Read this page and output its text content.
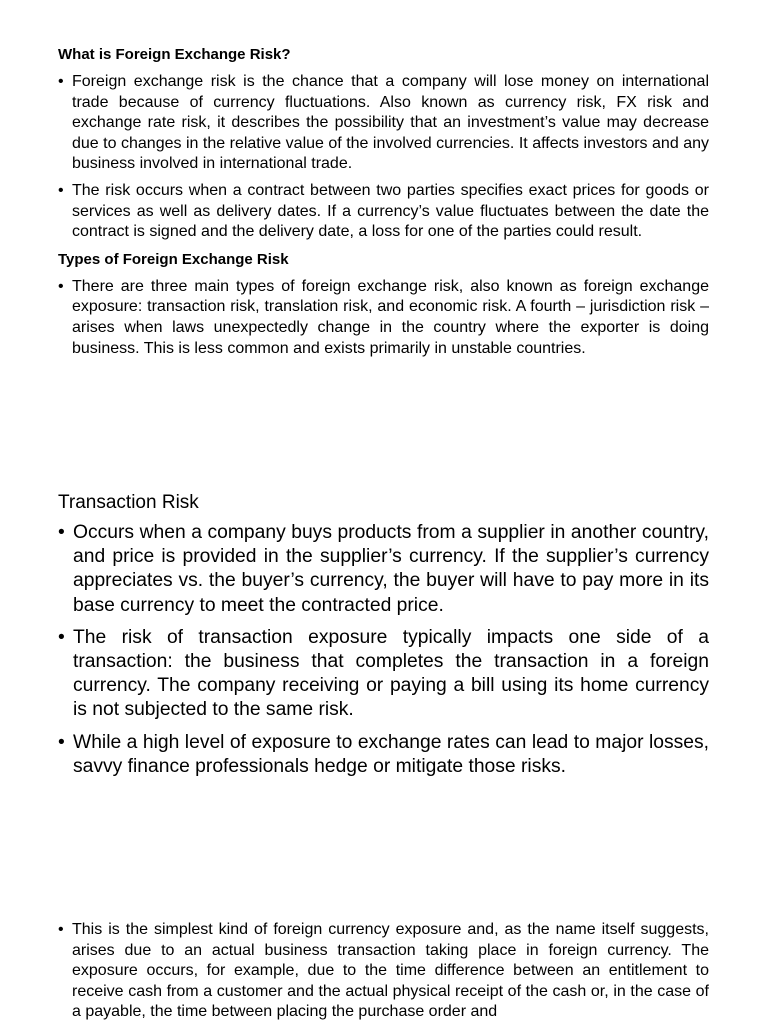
What is Foreign Exchange Risk?

• Foreign exchange risk is the chance that a company will lose money on international trade because of currency fluctuations. Also known as currency risk, FX risk and exchange rate risk, it describes the possibility that an investment’s value may decrease due to changes in the relative value of the involved currencies. It affects investors and any business involved in international trade.
• The risk occurs when a contract between two parties specifies exact prices for goods or services as well as delivery dates. If a currency’s value fluctuates between the date the contract is signed and the delivery date, a loss for one of the parties could result.

Types of Foreign Exchange Risk

• There are three main types of foreign exchange risk, also known as foreign exchange exposure: transaction risk, translation risk, and economic risk. A fourth – jurisdiction risk – arises when laws unexpectedly change in the country where the exporter is doing business. This is less common and exists primarily in unstable countries.

Transaction Risk

• Occurs when a company buys products from a supplier in another country, and price is provided in the supplier’s currency. If the supplier’s currency appreciates vs. the buyer’s currency, the buyer will have to pay more in its base currency to meet the contracted price.
• The risk of transaction exposure typically impacts one side of a transaction: the business that completes the transaction in a foreign currency. The company receiving or paying a bill using its home currency is not subjected to the same risk.
• While a high level of exposure to exchange rates can lead to major losses, savvy finance professionals hedge or mitigate those risks.
• This is the simplest kind of foreign currency exposure and, as the name itself suggests, arises due to an actual business transaction taking place in foreign currency. The exposure occurs, for example, due to the time difference between an entitlement to receive cash from a customer and the actual physical receipt of the cash or, in the case of a payable, the time between placing the purchase order and
